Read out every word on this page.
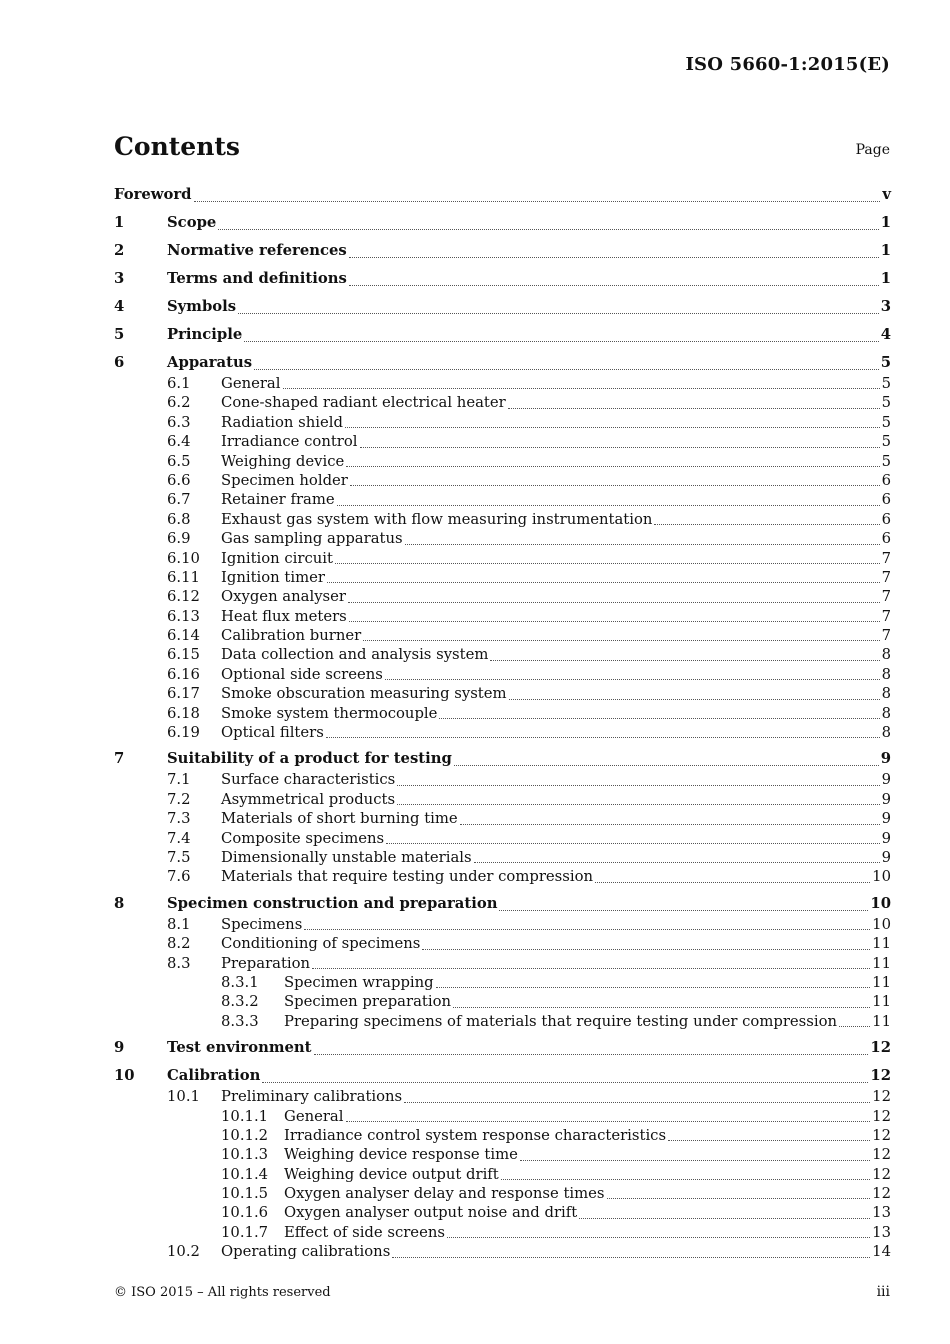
ISO 5660-1:2015(E)
Contents	Page
Foreword	v
1	Scope	1
2	Normative references	1
3	Terms and definitions	1
4	Symbols	3
5	Principle	4
6	Apparatus	5
6.1	General	5
6.2	Cone-shaped radiant electrical heater	5
6.3	Radiation shield	5
6.4	Irradiance control	5
6.5	Weighing device	5
6.6	Specimen holder	6
6.7	Retainer frame	6
6.8	Exhaust gas system with flow measuring instrumentation	6
6.9	Gas sampling apparatus	6
6.10	Ignition circuit	7
6.11	Ignition timer	7
6.12	Oxygen analyser	7
6.13	Heat flux meters	7
6.14	Calibration burner	7
6.15	Data collection and analysis system	8
6.16	Optional side screens	8
6.17	Smoke obscuration measuring system	8
6.18	Smoke system thermocouple	8
6.19	Optical filters	8
7	Suitability of a product for testing	9
7.1	Surface characteristics	9
7.2	Asymmetrical products	9
7.3	Materials of short burning time	9
7.4	Composite specimens	9
7.5	Dimensionally unstable materials	9
7.6	Materials that require testing under compression	10
8	Specimen construction and preparation	10
8.1	Specimens	10
8.2	Conditioning of specimens	11
8.3	Preparation	11
8.3.1	Specimen wrapping	11
8.3.2	Specimen preparation	11
8.3.3	Preparing specimens of materials that require testing under compression 11
9	Test environment	12
10	Calibration	12
10.1	Preliminary calibrations	12
10.1.1	General	12
10.1.2	Irradiance control system response characteristics	12
10.1.3	Weighing device response time	12
10.1.4	Weighing device output drift	12
10.1.5	Oxygen analyser delay and response times	12
10.1.6	Oxygen analyser output noise and drift	13
10.1.7	Effect of side screens	13
10.2	Operating calibrations	14
© ISO 2015 – All rights reserved	iii
